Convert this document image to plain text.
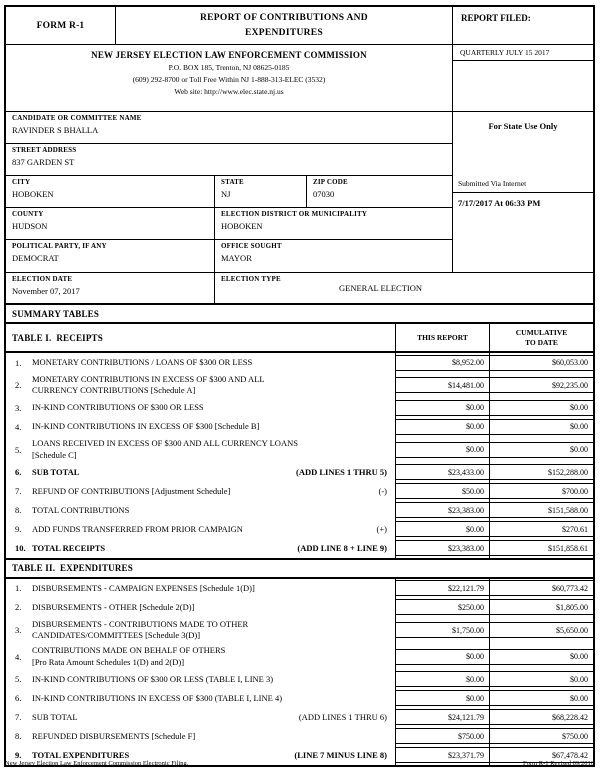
FORM R-1
REPORT OF CONTRIBUTIONS AND
EXPENDITURES
NEW JERSEY ELECTION LAW ENFORCEMENT COMMISSION
P.O. BOX 185, Trenton, NJ 08625-0185
(609) 292-8700 or Toll Free Within NJ 1-888-313-ELEC (3532)
Web site: http://www.elec.state.nj.us
REPORT FILED:
QUARTERLY JULY 15 2017
CANDIDATE OR COMMITTEE NAME
RAVINDER S BHALLA
STREET ADDRESS
837 GARDEN ST
CITY
HOBOKEN
STATE
NJ
ZIP CODE
07030
COUNTY
HUDSON
ELECTION DISTRICT OR MUNICIPALITY
HOBOKEN
POLITICAL PARTY, IF ANY
DEMOCRAT
OFFICE SOUGHT
MAYOR
For State Use Only
Submitted Via Internet
7/17/2017 At 06:33 PM
ELECTION DATE
November 07, 2017
ELECTION TYPE
GENERAL ELECTION
SUMMARY TABLES
TABLE I.  RECEIPTS	THIS REPORT
CUMULATIVE TO DATE
1.	MONETARY CONTRIBUTIONS / LOANS OF $300 OR LESS	$8,952.00	$60,053.00
2.
MONETARY CONTRIBUTIONS IN EXCESS OF $300 AND ALL
CURRENCY CONTRIBUTIONS [Schedule A]	$14,481.00	$92,235.00
3.	IN-KIND CONTRIBUTIONS OF $300 OR LESS	$0.00	$0.00
4.	IN-KIND CONTRIBUTIONS IN EXCESS OF $300 [Schedule B]	$0.00	$0.00
5.
LOANS RECEIVED IN EXCESS OF $300 AND ALL CURRENCY LOANS
[Schedule C]	$0.00	$0.00
6.	SUB TOTAL	(ADD LINES 1 THRU 5)	$23,433.00	$152,288.00
7.	REFUND OF CONTRIBUTIONS [Adjustment Schedule]	(-)	$50.00	$700.00
8.	TOTAL CONTRIBUTIONS	$23,383.00	$151,588.00
9.	ADD FUNDS TRANSFERRED FROM PRIOR CAMPAIGN	(+)	$0.00	$270.61
10. TOTAL RECEIPTS	(ADD LINE 8 + LINE 9)	$23,383.00	$151,858.61
TABLE II.  EXPENDITURES
1.	DISBURSEMENTS - CAMPAIGN EXPENSES [Schedule 1(D)]	$22,121.79	$60,773.42
2.	DISBURSEMENTS - OTHER [Schedule 2(D)]	$250.00	$1,805.00
3.
DISBURSEMENTS - CONTRIBUTIONS MADE TO OTHER
CANDIDATES/COMMITTEES [Schedule 3(D)]	$1,750.00	$5,650.00
4.
CONTRIBUTIONS MADE ON BEHALF OF OTHERS
[Pro Rata Amount Schedules 1(D) and 2(D)]	$0.00	$0.00
5.	IN-KIND CONTRIBUTIONS OF $300 OR LESS (TABLE I, LINE 3)	$0.00	$0.00
6.	IN-KIND CONTRIBUTIONS IN EXCESS OF $300 (TABLE I, LINE 4)	$0.00	$0.00
7.	SUB TOTAL	(ADD LINES 1 THRU 6)	$24,121.79	$68,228.42
8.	REFUNDED DISBURSEMENTS [Schedule F]	$750.00	$750.00
9.	TOTAL EXPENDITURES	(LINE 7 MINUS LINE 8)	$23,371.79	$67,478.42
New Jersey Election Law Enforcement Commission Electronic Filing.	Form R-1 Revised 09/2016
